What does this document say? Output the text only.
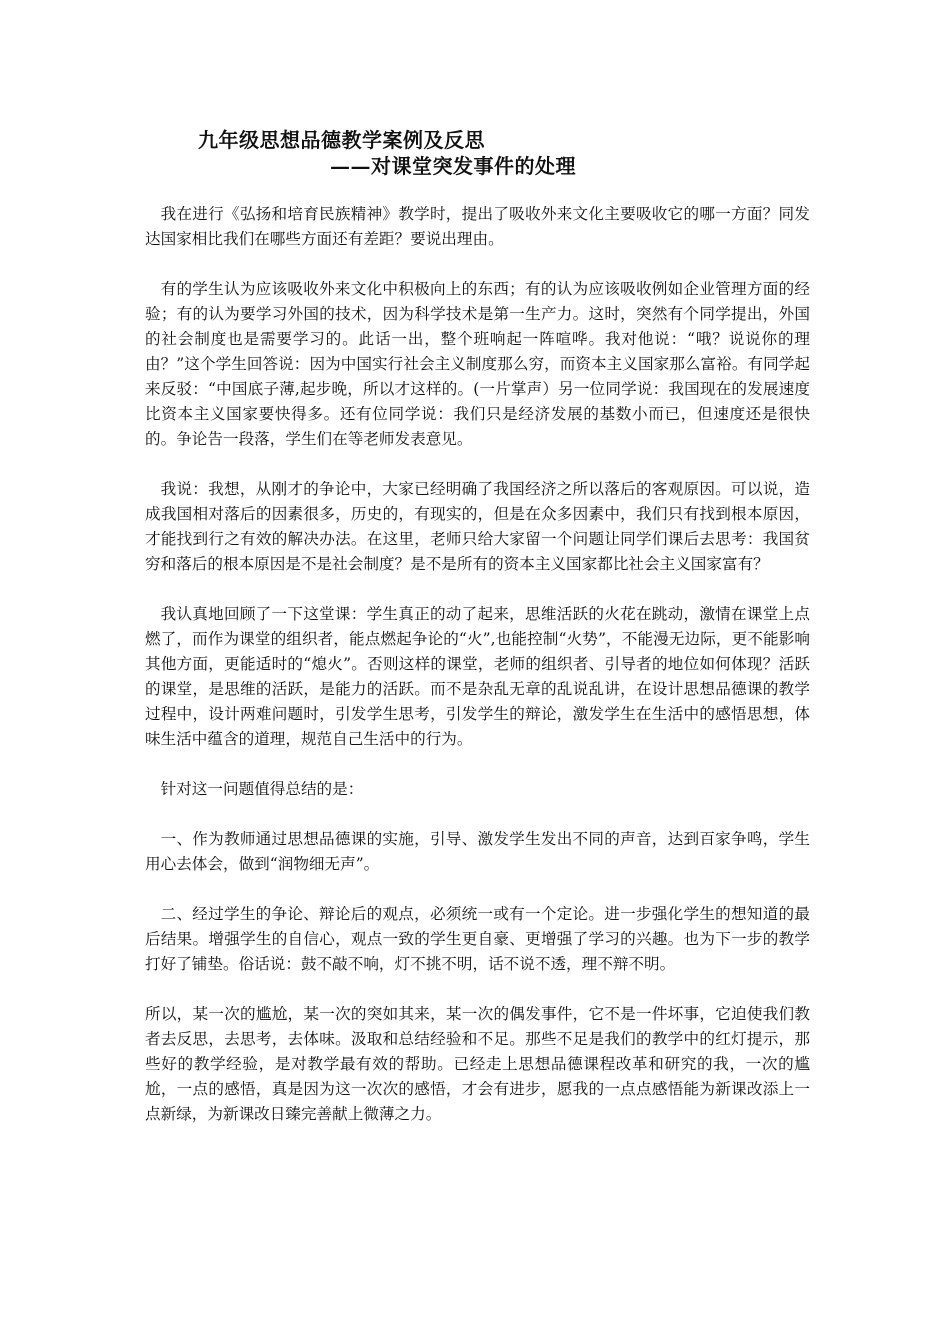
九年级思想品德教学案例及反思
——对课堂突发事件的处理

我在进行《弘扬和培育民族精神》教学时，提出了吸收外来文化主要吸收它的哪一方面？同发达国家相比我们在哪些方面还有差距？要说出理由。

有的学生认为应该吸收外来文化中积极向上的东西；有的认为应该吸收例如企业管理方面的经验；有的认为要学习外国的技术，因为科学技术是第一生产力。这时，突然有个同学提出，外国的社会制度也是需要学习的。此话一出，整个班响起一阵喧哗。我对他说：“哦？说说你的理由？”这个学生回答说：因为中国实行社会主义制度那么穷，而资本主义国家那么富裕。有同学起来反驳：“中国底子薄,起步晚，所以才这样的。(一片掌声）另一位同学说：我国现在的发展速度比资本主义国家要快得多。还有位同学说：我们只是经济发展的基数小而已，但速度还是很快的。争论告一段落，学生们在等老师发表意见。

我说：我想，从刚才的争论中，大家已经明确了我国经济之所以落后的客观原因。可以说，造成我国相对落后的因素很多，历史的，有现实的，但是在众多因素中，我们只有找到根本原因，才能找到行之有效的解决办法。在这里，老师只给大家留一个问题让同学们课后去思考：我国贫穷和落后的根本原因是不是社会制度？是不是所有的资本主义国家都比社会主义国家富有？

我认真地回顾了一下这堂课：学生真正的动了起来，思维活跃的火花在跳动，激情在课堂上点燃了，而作为课堂的组织者，能点燃起争论的“火”,也能控制“火势”，不能漫无边际，更不能影响其他方面，更能适时的“熄火”。否则这样的课堂，老师的组织者、引导者的地位如何体现？活跃的课堂，是思维的活跃，是能力的活跃。而不是杂乱无章的乱说乱讲，在设计思想品德课的教学过程中，设计两难问题时，引发学生思考，引发学生的辩论，激发学生在生活中的感悟思想，体味生活中蕴含的道理，规范自己生活中的行为。

针对这一问题值得总结的是：

一、作为教师通过思想品德课的实施，引导、激发学生发出不同的声音，达到百家争鸣，学生用心去体会，做到“润物细无声”。

二、经过学生的争论、辩论后的观点，必须统一或有一个定论。进一步强化学生的想知道的最后结果。增强学生的自信心，观点一致的学生更自豪、更增强了学习的兴趣。也为下一步的教学打好了铺垫。俗话说：鼓不敲不响，灯不挑不明，话不说不透，理不辩不明。

所以，某一次的尴尬，某一次的突如其来，某一次的偶发事件，它不是一件坏事，它迫使我们教者去反思，去思考，去体味。汲取和总结经验和不足。那些不足是我们的教学中的红灯提示，那些好的教学经验，是对教学最有效的帮助。已经走上思想品德课程改革和研究的我，一次的尴尬，一点的感悟，真是因为这一次次的感悟，才会有进步，愿我的一点点感悟能为新课改添上一点新绿，为新课改日臻完善献上微薄之力。
